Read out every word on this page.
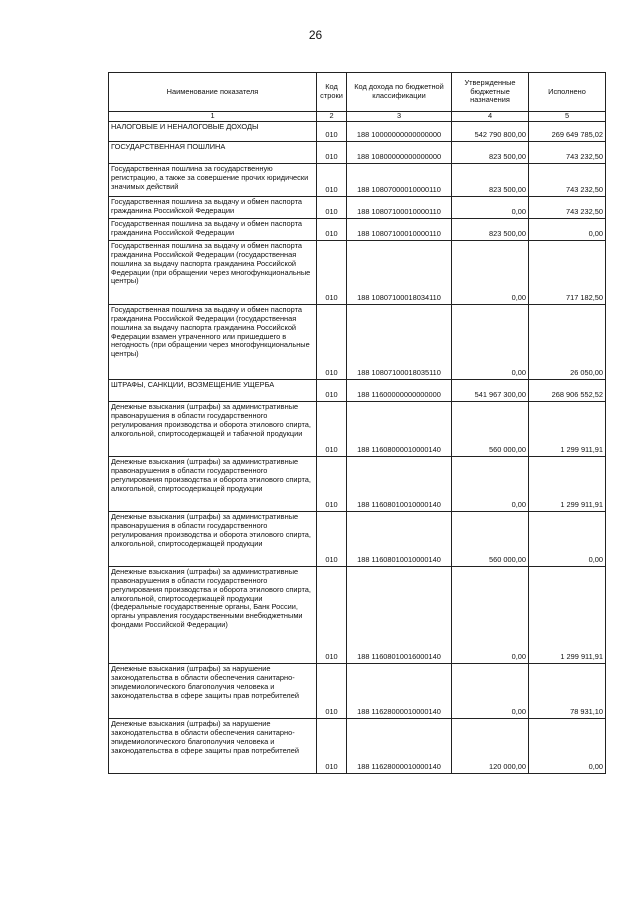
26
Наименование показателя	Код строки	Код дохода по бюджетной классификации	Утвержденные бюджетные назначения	Исполнено
1	2	3	4	5
НАЛОГОВЫЕ И НЕНАЛОГОВЫЕ ДОХОДЫ	010	188 10000000000000000	542 790 800,00	269 649 785,02
ГОСУДАРСТВЕННАЯ ПОШЛИНА	010	188 10800000000000000	823 500,00	743 232,50
Государственная пошлина за государственную регистрацию, а также за совершение прочих юридически значимых действий	010	188 10807000010000110	823 500,00	743 232,50
Государственная пошлина за выдачу и обмен паспорта гражданина Российской Федерации	010	188 10807100010000110	0,00	743 232,50
Государственная пошлина за выдачу и обмен паспорта гражданина Российской Федерации	010	188 10807100010000110	823 500,00	0,00
Государственная пошлина за выдачу и обмен паспорта гражданина Российской Федерации (государственная пошлина за выдачу паспорта гражданина Российской Федерации (при обращении через многофункциональные центры)	010	188 10807100018034110	0,00	717 182,50
Государственная пошлина за выдачу и обмен паспорта гражданина Российской Федерации (государственная пошлина за выдачу паспорта гражданина Российской Федерации взамен утраченного или пришедшего в негодность (при обращении через многофункциональные центры)	010	188 10807100018035110	0,00	26 050,00
ШТРАФЫ, САНКЦИИ, ВОЗМЕЩЕНИЕ УЩЕРБА	010	188 11600000000000000	541 967 300,00	268 906 552,52
Денежные взыскания (штрафы) за административные правонарушения в области государственного регулирования производства и оборота этилового спирта, алкогольной, спиртосодержащей и табачной продукции	010	188 11608000010000140	560 000,00	1 299 911,91
Денежные взыскания (штрафы) за административные правонарушения в области государственного регулирования производства и оборота этилового спирта, алкогольной, спиртосодержащей продукции	010	188 11608010010000140	0,00	1 299 911,91
Денежные взыскания (штрафы) за административные правонарушения в области государственного регулирования производства и оборота этилового спирта, алкогольной, спиртосодержащей продукции	010	188 11608010010000140	560 000,00	0,00
Денежные взыскания (штрафы) за административные правонарушения в области государственного регулирования производства и оборота этилового спирта, алкогольной, спиртосодержащей продукции (федеральные государственные органы, Банк России, органы управления государственными внебюджетными фондами Российской Федерации)	010	188 11608010016000140	0,00	1 299 911,91
Денежные взыскания (штрафы) за нарушение законодательства в области обеспечения санитарно-эпидемиологического благополучия человека и законодательства в сфере защиты прав потребителей	010	188 11628000010000140	0,00	78 931,10
Денежные взыскания (штрафы) за нарушение законодательства в области обеспечения санитарно-эпидемиологического благополучия человека и законодательства в сфере защиты прав потребителей	010	188 11628000010000140	120 000,00	0,00
